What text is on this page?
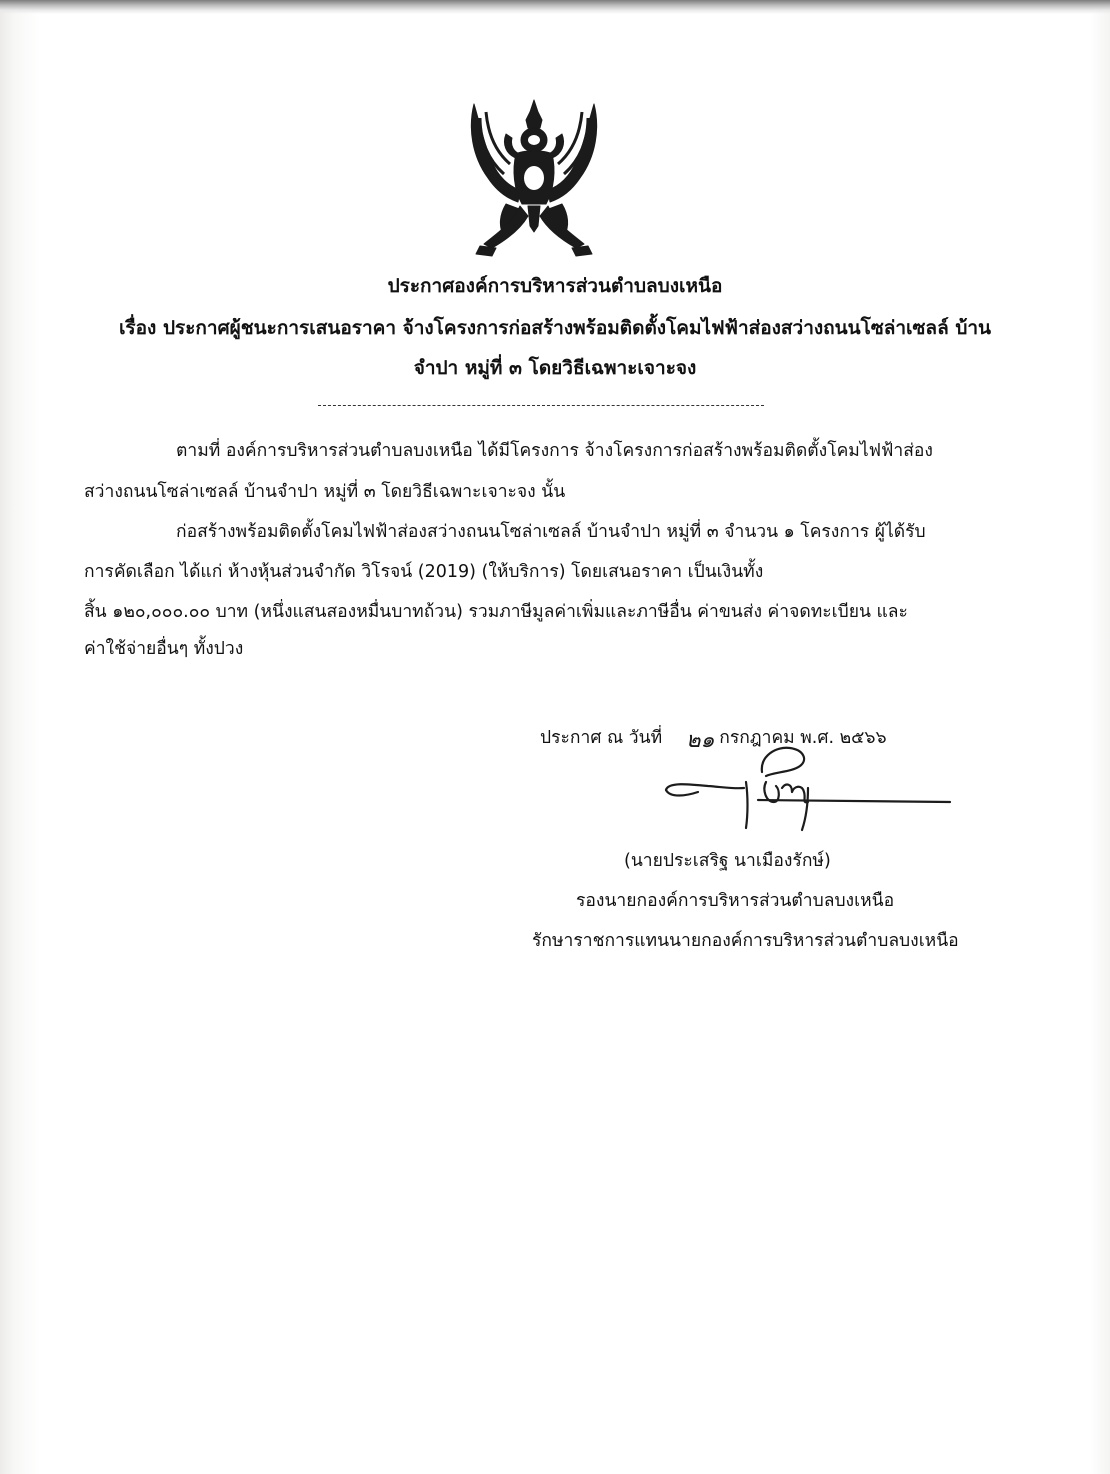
ประกาศองค์การบริหารส่วนตำบลบงเหนือ
เรื่อง ประกาศผู้ชนะการเสนอราคา จ้างโครงการก่อสร้างพร้อมติดตั้งโคมไฟฟ้าส่องสว่างถนนโซล่าเซลล์ บ้าน
จำปา หมู่ที่ ๓ โดยวิธีเฉพาะเจาะจง
ตามที่ องค์การบริหารส่วนตำบลบงเหนือ ได้มีโครงการ จ้างโครงการก่อสร้างพร้อมติดตั้งโคมไฟฟ้าส่อง
สว่างถนนโซล่าเซลล์ บ้านจำปา หมู่ที่ ๓ โดยวิธีเฉพาะเจาะจง นั้น
ก่อสร้างพร้อมติดตั้งโคมไฟฟ้าส่องสว่างถนนโซล่าเซลล์ บ้านจำปา หมู่ที่ ๓ จำนวน ๑ โครงการ ผู้ได้รับ
การคัดเลือก ได้แก่ ห้างหุ้นส่วนจำกัด วิโรจน์ (2019) (ให้บริการ) โดยเสนอราคา เป็นเงินทั้ง
สิ้น ๑๒๐,๐๐๐.๐๐ บาท (หนึ่งแสนสองหมื่นบาทถ้วน) รวมภาษีมูลค่าเพิ่มและภาษีอื่น ค่าขนส่ง ค่าจดทะเบียน และ
ค่าใช้จ่ายอื่นๆ ทั้งปวง
ประกาศ ณ วันที่	กรกฎาคม พ.ศ. ๒๕๖๖
๒๑
(นายประเสริฐ นาเมืองรักษ์)
รองนายกองค์การบริหารส่วนตำบลบงเหนือ
รักษาราชการแทนนายกองค์การบริหารส่วนตำบลบงเหนือ
